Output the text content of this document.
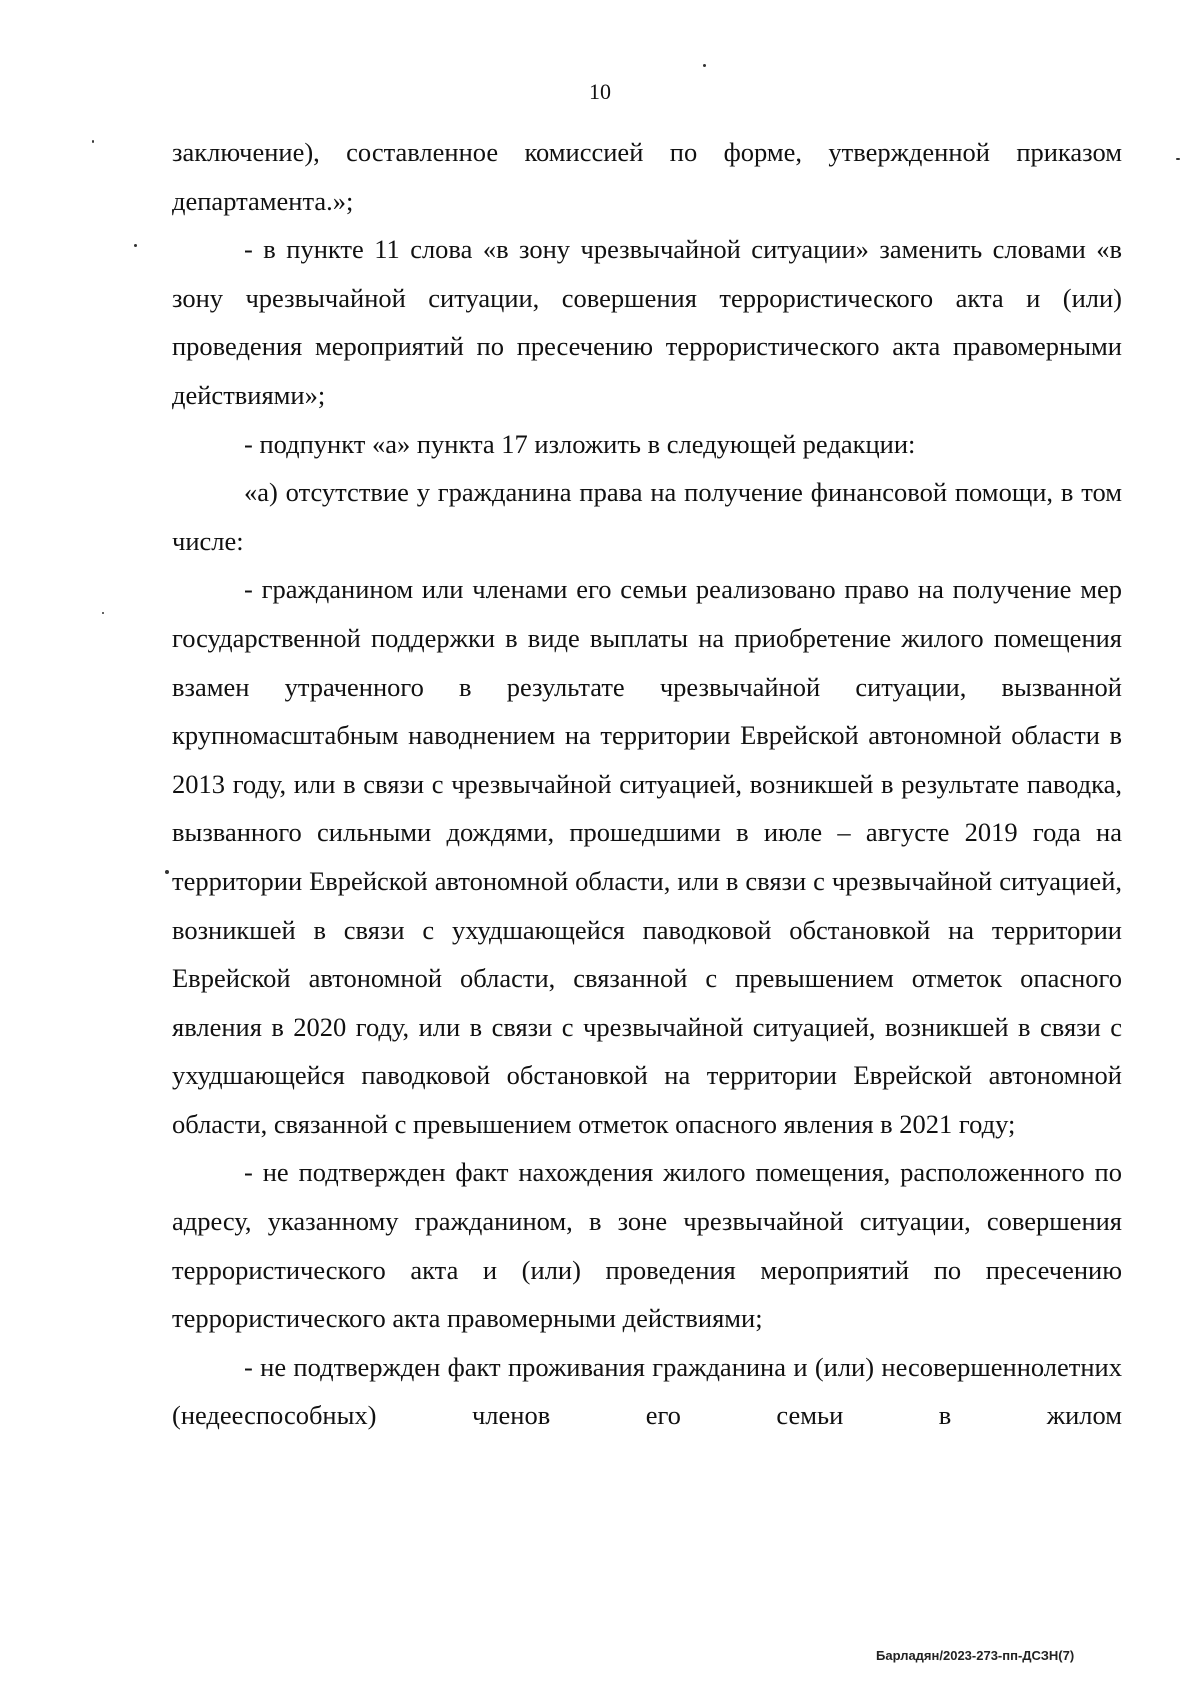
10

заключение), составленное комиссией по форме, утвержденной приказом департамента.»;

- в пункте 11 слова «в зону чрезвычайной ситуации» заменить словами «в зону чрезвычайной ситуации, совершения террористического акта и (или) проведения мероприятий по пресечению террористического акта правомерными действиями»;

- подпункт «а» пункта 17 изложить в следующей редакции:

«а) отсутствие у гражданина права на получение финансовой помощи, в том числе:

- гражданином или членами его семьи реализовано право на получение мер государственной поддержки в виде выплаты на приобретение жилого помещения взамен утраченного в результате чрезвычайной ситуации, вызванной крупномасштабным наводнением на территории Еврейской автономной области в 2013 году, или в связи с чрезвычайной ситуацией, возникшей в результате паводка, вызванного сильными дождями, прошедшими в июле – августе 2019 года на территории Еврейской автономной области, или в связи с чрезвычайной ситуацией, возникшей в связи с ухудшающейся паводковой обстановкой на территории Еврейской автономной области, связанной с превышением отметок опасного явления в 2020 году, или в связи с чрезвычайной ситуацией, возникшей в связи с ухудшающейся паводковой обстановкой на территории Еврейской автономной области, связанной с превышением отметок опасного явления в 2021 году;

- не подтвержден факт нахождения жилого помещения, расположенного по адресу, указанному гражданином, в зоне чрезвычайной ситуации, совершения террористического акта и (или) проведения мероприятий по пресечению террористического акта правомерными действиями;

- не подтвержден факт проживания гражданина и (или) несовершеннолетних (недееспособных) членов его семьи в жилом

Барладян/2023-273-пп-ДСЗН(7)
